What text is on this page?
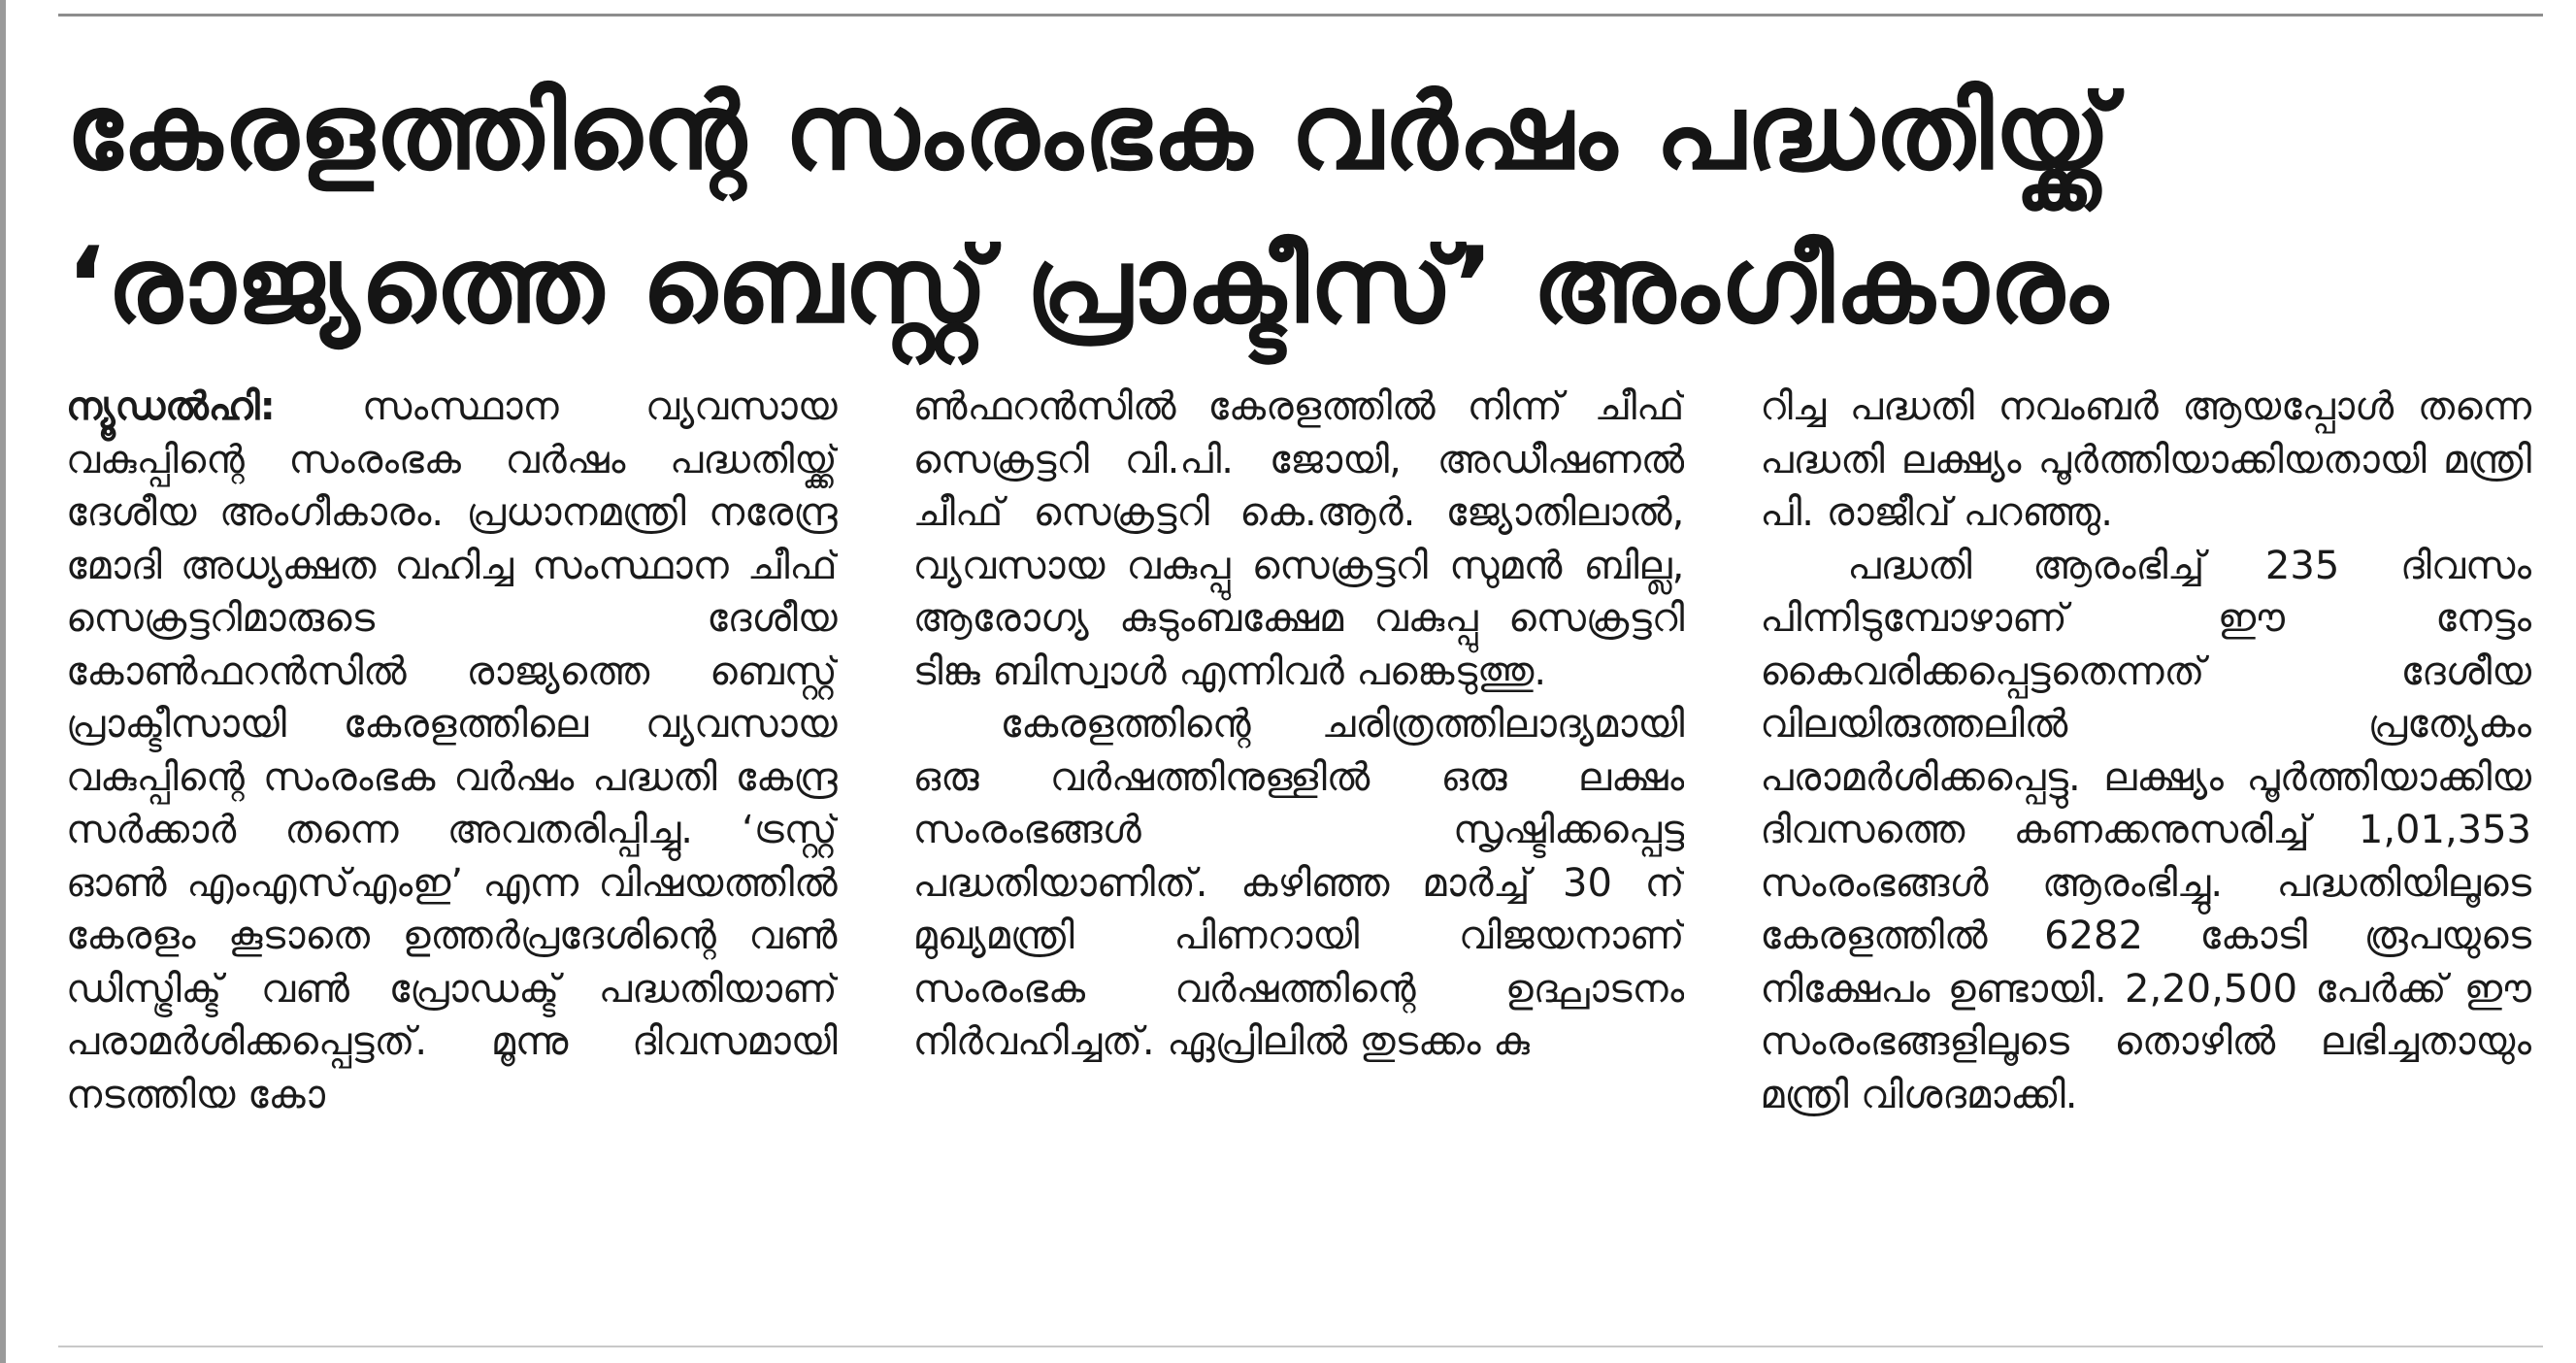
കേരളത്തിന്റെ സംരംഭക വർഷം പദ്ധതിയ്ക്ക്
‘രാജ്യത്തെ ബെസ്റ്റ് പ്രാക്ടീസ്’ അംഗീകാരം

ന്യൂഡൽഹി: സംസ്ഥാന വ്യവസായ വകുപ്പിന്റെ സംരംഭക വർഷം പദ്ധതിയ്ക്ക് ദേശീയ അംഗീകാരം. പ്രധാനമന്ത്രി നരേന്ദ്ര മോദി അധ്യക്ഷത വഹിച്ച സംസ്ഥാന ചീഫ് സെക്രട്ടറിമാരുടെ ദേശീയ കോൺഫറൻസിൽ രാജ്യത്തെ ബെസ്റ്റ് പ്രാക്ടീസായി കേരളത്തിലെ വ്യവസായ വകുപ്പിന്റെ സംരംഭക വർഷം പദ്ധതി കേന്ദ്ര സർക്കാർ തന്നെ അവതരിപ്പിച്ചു. ‘ട്രസ്റ്റ് ഓൺ എംഎസ്എംഇ’ എന്ന വിഷയത്തിൽ കേരളം കൂടാതെ ഉത്തർപ്രദേശിന്റെ വൺ ഡിസ്ട്രിക്ട് വൺ പ്രോഡക്ട് പദ്ധതിയാണ് പരാമർശിക്കപ്പെട്ടത്. മൂന്നു ദിവസമായി നടത്തിയ കോ

ൺഫറൻസിൽ കേരളത്തിൽ നിന്ന് ചീഫ് സെക്രട്ടറി വി.പി. ജോയി, അഡീഷണൽ ചീഫ് സെക്രട്ടറി കെ.ആർ. ജ്യോതിലാൽ, വ്യവസായ വകുപ്പു സെക്രട്ടറി സുമൻ ബില്ല, ആരോഗ്യ കുടുംബക്ഷേമ വകുപ്പു സെക്രട്ടറി ടിങ്കു ബിസ്വാൾ എന്നിവർ പങ്കെടുത്തു.

കേരളത്തിന്റെ ചരിത്രത്തിലാദ്യമായി ഒരു വർഷത്തിനുള്ളിൽ ഒരു ലക്ഷം സംരംഭങ്ങൾ സൃഷ്ടിക്കപ്പെട്ട പദ്ധതിയാണിത്. കഴിഞ്ഞ മാർച്ച് 30 ന് മുഖ്യമന്ത്രി പിണറായി വിജയനാണ് സംരംഭക വർഷത്തിന്റെ ഉദ്ഘാടനം നിർവഹിച്ചത്. ഏപ്രിലിൽ തുടക്കം കു

റിച്ച പദ്ധതി നവംബർ ആയപ്പോൾ തന്നെ പദ്ധതി ലക്ഷ്യം പൂർത്തിയാക്കിയതായി മന്ത്രി പി. രാജീവ് പറഞ്ഞു.

പദ്ധതി ആരംഭിച്ച് 235 ദിവസം പിന്നിടുമ്പോഴാണ് ഈ നേട്ടം കൈവരിക്കപ്പെട്ടതെന്നത് ദേശീയ വിലയിരുത്തലിൽ പ്രത്യേകം പരാമർശിക്കപ്പെട്ടു. ലക്ഷ്യം പൂർത്തിയാക്കിയ ദിവസത്തെ കണക്കനുസരിച്ച് 1,01,353 സംരംഭങ്ങൾ ആരംഭിച്ചു. പദ്ധതിയിലൂടെ കേരളത്തിൽ 6282 കോടി രൂപയുടെ നിക്ഷേപം ഉണ്ടായി. 2,20,500 പേർക്ക് ഈ സംരംഭങ്ങളിലൂടെ തൊഴിൽ ലഭിച്ചതായും മന്ത്രി വിശദമാക്കി.
